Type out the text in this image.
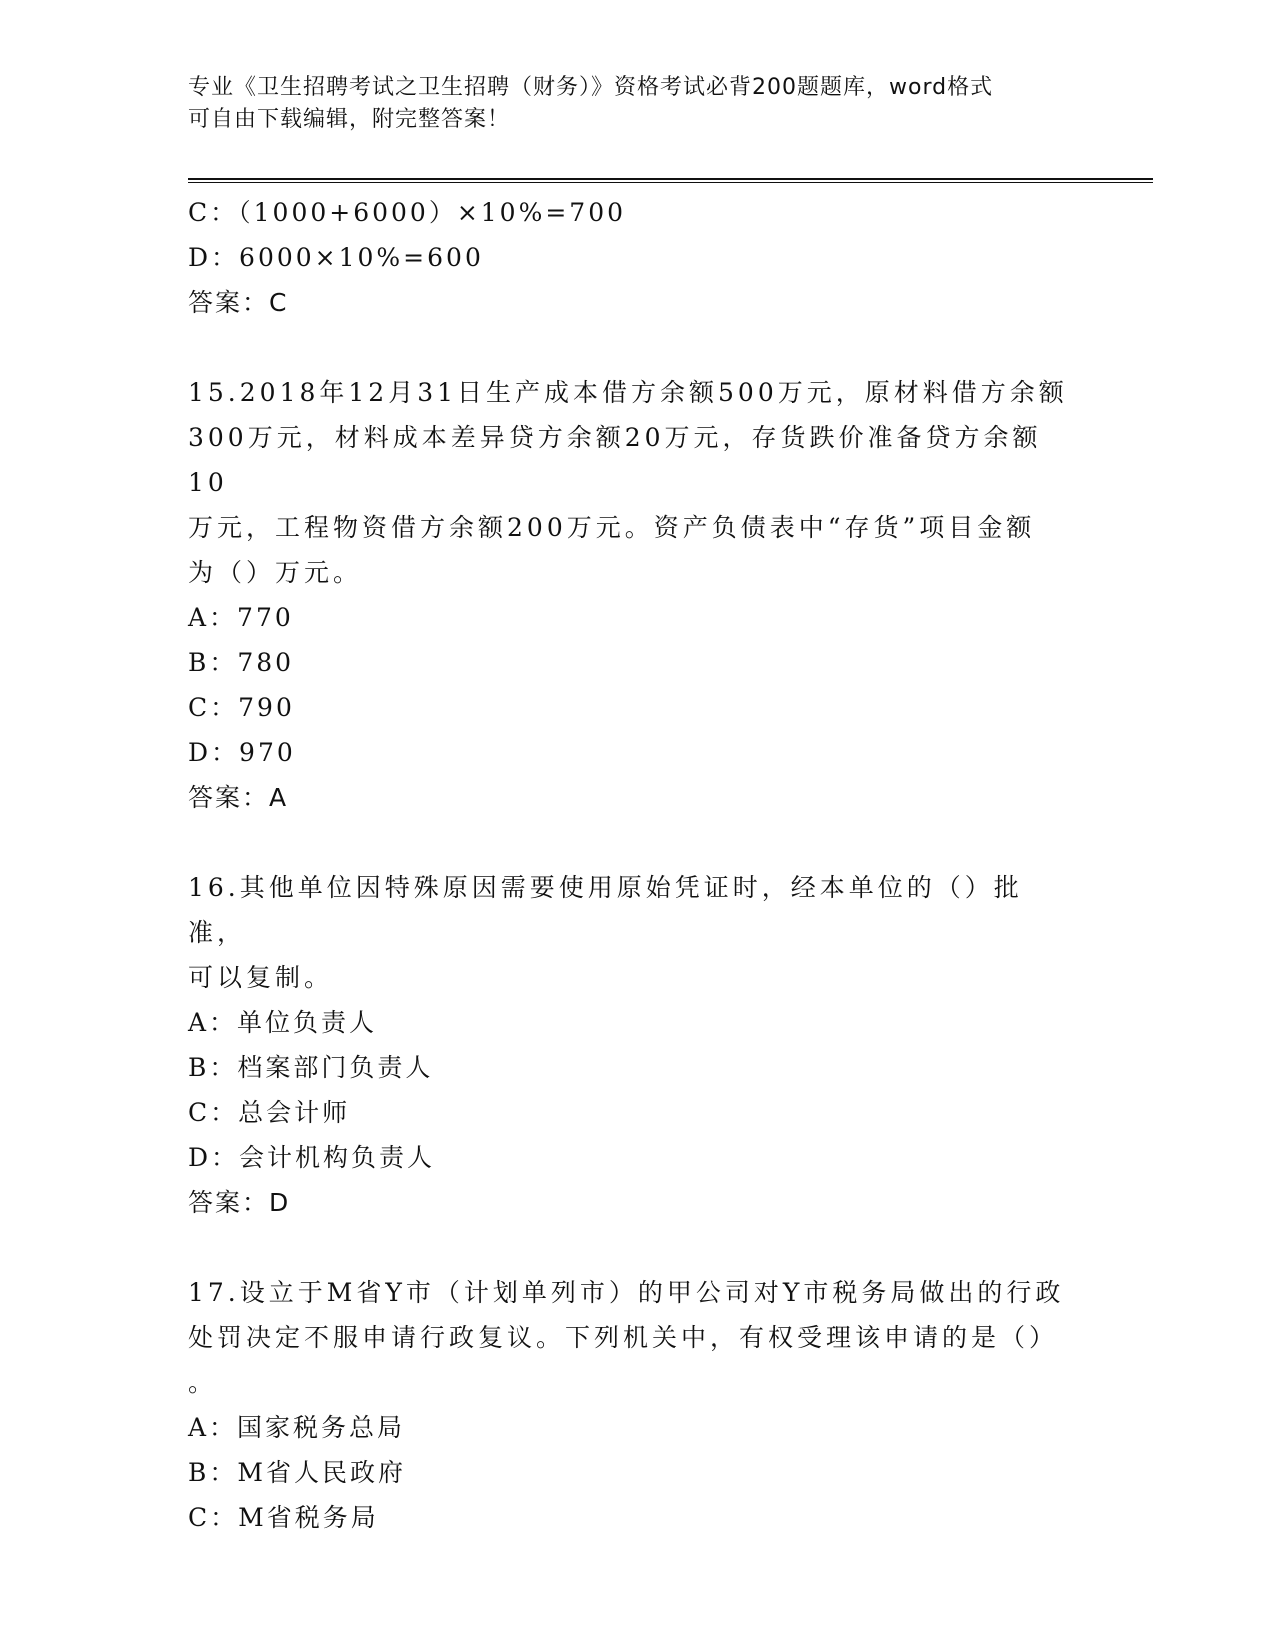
专业《卫生招聘考试之卫生招聘（财务）》资格考试必背200题题库，word格式
可自由下载编辑，附完整答案！
C：（1000+6000）×10%=700
D：6000×10%=600
答案：C
15.2018年12月31日生产成本借方余额500万元，原材料借方余额
300万元，材料成本差异贷方余额20万元，存货跌价准备贷方余额10
万元，工程物资借方余额200万元。资产负债表中“存货”项目金额
为（）万元。
A：770
B：780
C：790
D：970
答案：A
16.其他单位因特殊原因需要使用原始凭证时，经本单位的（）批准，
可以复制。
A：单位负责人
B：档案部门负责人
C：总会计师
D：会计机构负责人
答案：D
17.设立于M省Y市（计划单列市）的甲公司对Y市税务局做出的行政
处罚决定不服申请行政复议。下列机关中，有权受理该申请的是（）
。
A：国家税务总局
B：M省人民政府
C：M省税务局
